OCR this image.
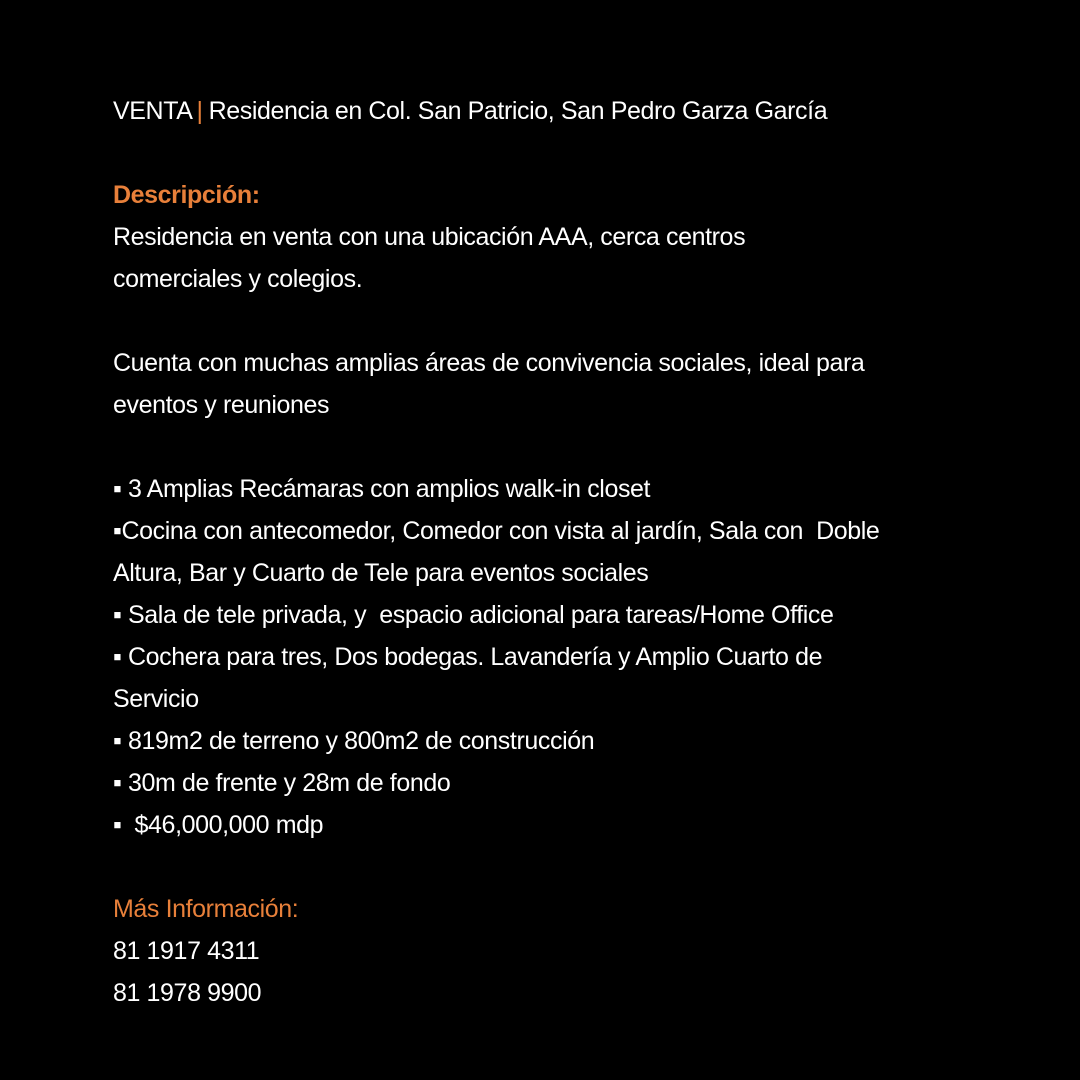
VENTA | Residencia en Col. San Patricio, San Pedro Garza García
Descripción:
Residencia en venta con una ubicación AAA, cerca centros
comerciales y colegios.
Cuenta con muchas amplias áreas de convivencia sociales, ideal para
eventos y reuniones
▪ 3 Amplias Recámaras con amplios walk-in closet
▪Cocina con antecomedor, Comedor con vista al jardín, Sala con  Doble
Altura, Bar y Cuarto de Tele para eventos sociales
▪ Sala de tele privada, y  espacio adicional para tareas/Home Office
▪ Cochera para tres, Dos bodegas. Lavandería y Amplio Cuarto de
Servicio
▪ 819m2 de terreno y 800m2 de construcción
▪ 30m de frente y 28m de fondo
▪  $46,000,000 mdp
Más Información:
81 1917 4311
81 1978 9900
